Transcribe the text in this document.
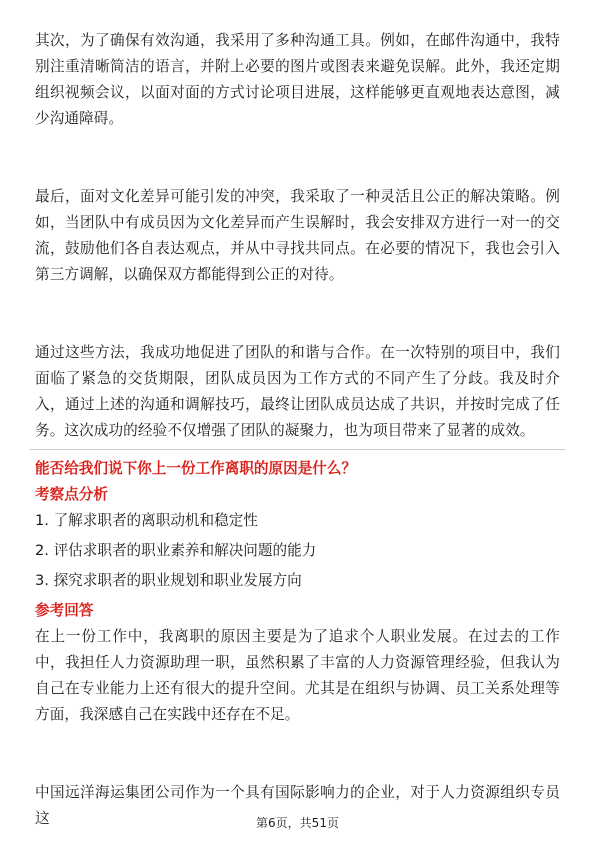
其次，为了确保有效沟通，我采用了多种沟通工具。例如，在邮件沟通中，我特别注重清晰简洁的语言，并附上必要的图片或图表来避免误解。此外，我还定期组织视频会议，以面对面的方式讨论项目进展，这样能够更直观地表达意图，减少沟通障碍。

最后，面对文化差异可能引发的冲突，我采取了一种灵活且公正的解决策略。例如，当团队中有成员因为文化差异而产生误解时，我会安排双方进行一对一的交流，鼓励他们各自表达观点，并从中寻找共同点。在必要的情况下，我也会引入第三方调解，以确保双方都能得到公正的对待。

通过这些方法，我成功地促进了团队的和谐与合作。在一次特别的项目中，我们面临了紧急的交货期限，团队成员因为工作方式的不同产生了分歧。我及时介入，通过上述的沟通和调解技巧，最终让团队成员达成了共识，并按时完成了任务。这次成功的经验不仅增强了团队的凝聚力，也为项目带来了显著的成效。

能否给我们说下你上一份工作离职的原因是什么？

考察点分析

1. 了解求职者的离职动机和稳定性
2. 评估求职者的职业素养和解决问题的能力
3. 探究求职者的职业规划和职业发展方向

参考回答

在上一份工作中，我离职的原因主要是为了追求个人职业发展。在过去的工作中，我担任人力资源助理一职，虽然积累了丰富的人力资源管理经验，但我认为自己在专业能力上还有很大的提升空间。尤其是在组织与协调、员工关系处理等方面，我深感自己在实践中还存在不足。

中国远洋海运集团公司作为一个具有国际影响力的企业，对于人力资源组织专员这	第6页，共51页
